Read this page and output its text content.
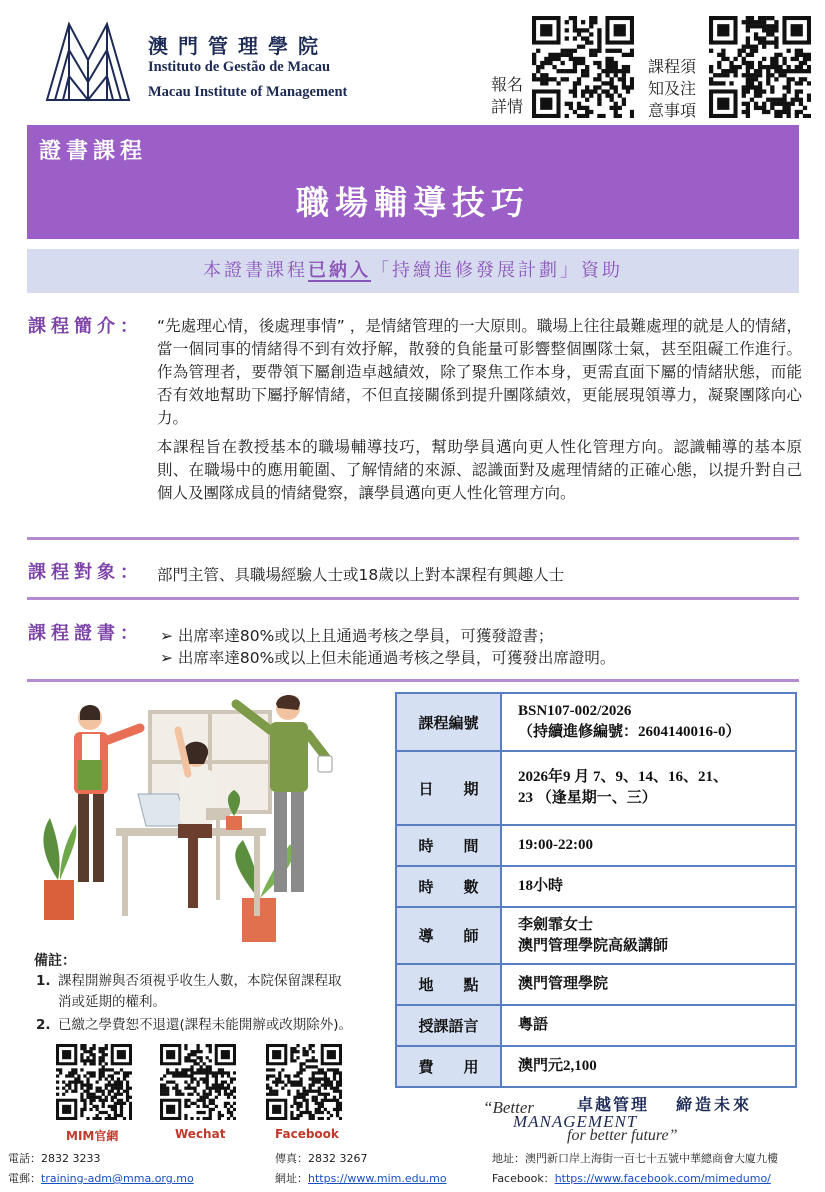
澳門管理學院
Instituto de Gestão de Macau
Macau Institute of Management	報名
詳情
課程須
知及注
意事項
證書課程
職場輔導技巧
本證書課程已納入「持續進修發展計劃」資助
課程簡介： “先處理心情，後處理事情” ，是情緒管理的一大原則。職場上往往最難處理的就是人的情緒，當一個同事的情緒得不到有效抒解，散發的負能量可影響整個團隊士氣，甚至阻礙工作進行。作為管理者，要帶領下屬創造卓越績效，除了聚焦工作本身，更需直面下屬的情緒狀態，而能否有效地幫助下屬抒解情緒，不但直接關係到提升團隊績效，更能展現領導力，凝聚團隊向心力。
本課程旨在教授基本的職場輔導技巧，幫助學員邁向更人性化管理方向。認識輔導的基本原則、在職場中的應用範圍、了解情緒的來源、認識面對及處理情緒的正確心態，以提升對自己個人及團隊成員的情緒覺察，讓學員邁向更人性化管理方向。
課程對象： 部門主管、具職場經驗人士或18歲以上對本課程有興趣人士
課程證書： ➢ 出席率達80%或以上且通過考核之學員，可獲發證書；
➢ 出席率達80%或以上但未能通過考核之學員，可獲發出席證明。
備註：
1. 課程開辦與否須視乎收生人數，本院保留課程取
消或延期的權利。
2. 已繳之學費恕不退還(課程未能開辦或改期除外)。
MIM官網	Wechat	Facebook
課程編號	BSN107-002/2026
（持續進修編號：2604140016-0）

日　　期	2026年9 月 7、9、14、16、21、
23 （逢星期一、三）

時　　間	19:00-22:00
時　　數	18小時
導　　師	李劍霏女士
澳門管理學院高級講師

地　　點	澳門管理學院
授課語言	粵語
費　　用	澳門元2,100
卓越管理 締造未來
“Better
MANAGEMENT
for better future”
電話：2832 3233	傳真：2832 3267	地址：澳門新口岸上海街一百七十五號中華總商會大廈九樓
電郵：training-adm@mma.org.mo	網址：https://www.mim.edu.mo	Facebook：https://www.facebook.com/mimedumo/
